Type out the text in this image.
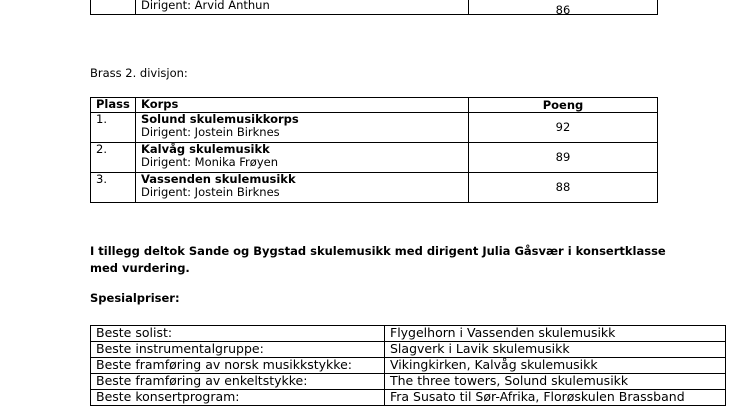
Dirigent: Arvid Anthun	86

Brass 2. divisjon:

Plass	Korps	Poeng
1.	Solund skulemusikkorps
Dirigent: Jostein Birknes	92
2.	Kalvåg skulemusikk
Dirigent: Monika Frøyen	89
3.	Vassenden skulemusikk
Dirigent: Jostein Birknes	88

I tillegg deltok Sande og Bygstad skulemusikk med dirigent Julia Gåsvær i konsertklasse med vurdering.

Spesialpriser:

Beste solist:	Flygelhorn i Vassenden skulemusikk
Beste instrumentalgruppe:	Slagverk i Lavik skulemusikk
Beste framføring av norsk musikkstykke:	Vikingkirken, Kalvåg skulemusikk
Beste framføring av enkeltstykke:	The three towers, Solund skulemusikk
Beste konsertprogram:	Fra Susato til Sør-Afrika, Florøskulen Brassband
